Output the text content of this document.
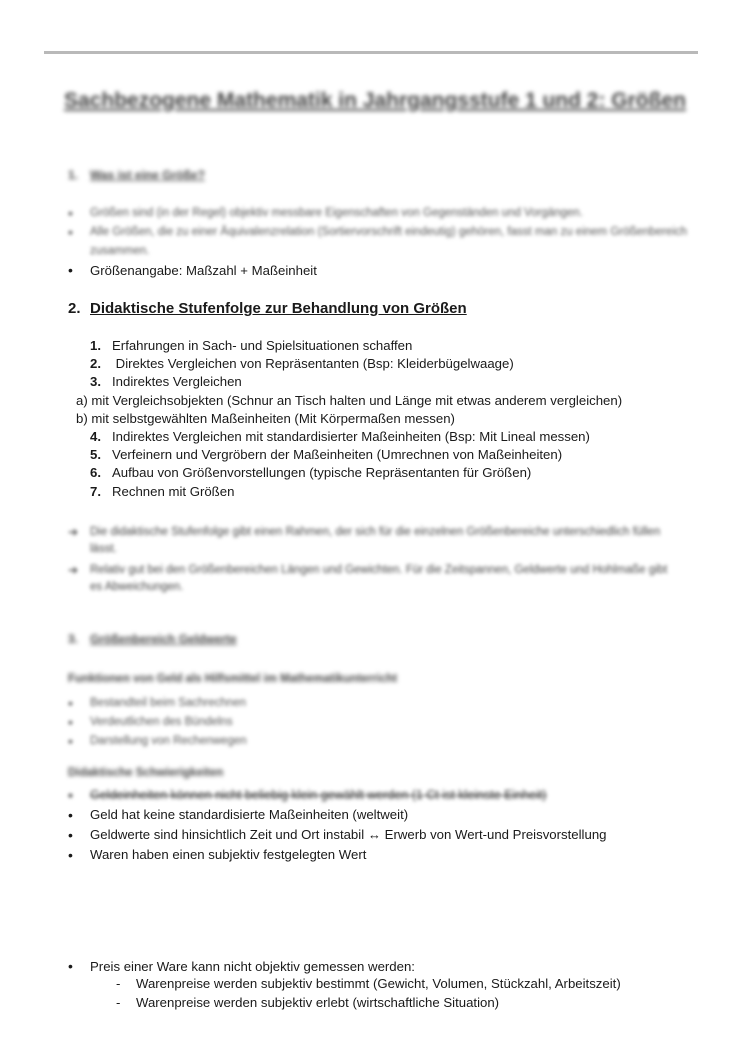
Sachbezogene Mathematik in Jahrgangsstufe 1 und 2: Größen
1. Was ist eine Größe?
• Größen sind (in der Regel) objektiv messbare Eigenschaften von Gegenständen und Vorgängen.
• Alle Größen, die zu einer Äquivalenzrelation (Sortiervorschrift eindeutig) gehören, fasst man zu einem Größenbereich zusammen.
• Größenangabe: Maßzahl + Maßeinheit
2. Didaktische Stufenfolge zur Behandlung von Größen
1. Erfahrungen in Sach- und Spielsituationen schaffen
2. Direktes Vergleichen von Repräsentanten (Bsp: Kleiderbügelwaage)
3. Indirektes Vergleichen
a) mit Vergleichsobjekten (Schnur an Tisch halten und Länge mit etwas anderem vergleichen)
b) mit selbstgewählten Maßeinheiten (Mit Körpermaßen messen)
4. Indirektes Vergleichen mit standardisierter Maßeinheiten (Bsp: Mit Lineal messen)
5. Verfeinern und Vergröbern der Maßeinheiten (Umrechnen von Maßeinheiten)
6. Aufbau von Größenvorstellungen (typische Repräsentanten für Größen)
7. Rechnen mit Größen
➔ Die didaktische Stufenfolge gibt einen Rahmen, der sich für die einzelnen Größenbereiche unterschiedlich füllen lässt.
➔ Relativ gut bei den Größenbereichen Längen und Gewichten. Für die Zeitspannen, Geldwerte und Hohlmaße gibt es Abweichungen.
3. Größenbereich Geldwerte
Funktionen von Geld als Hilfsmittel im Mathematikunterricht
• Bestandteil beim Sachrechnen
• Verdeutlichen des Bündelns
• Darstellung von Rechenwegen
Didaktische Schwierigkeiten
• Geldeinheiten können nicht beliebig klein gewählt werden (1 Ct ist kleinste Einheit)
• Geld hat keine standardisierte Maßeinheiten (weltweit)
• Geldwerte sind hinsichtlich Zeit und Ort instabil ↔ Erwerb von Wert-und Preisvorstellung
• Waren haben einen subjektiv festgelegten Wert
• Preis einer Ware kann nicht objektiv gemessen werden:
- Warenpreise werden subjektiv bestimmt (Gewicht, Volumen, Stückzahl, Arbeitszeit)
- Warenpreise werden subjektiv erlebt (wirtschaftliche Situation)
